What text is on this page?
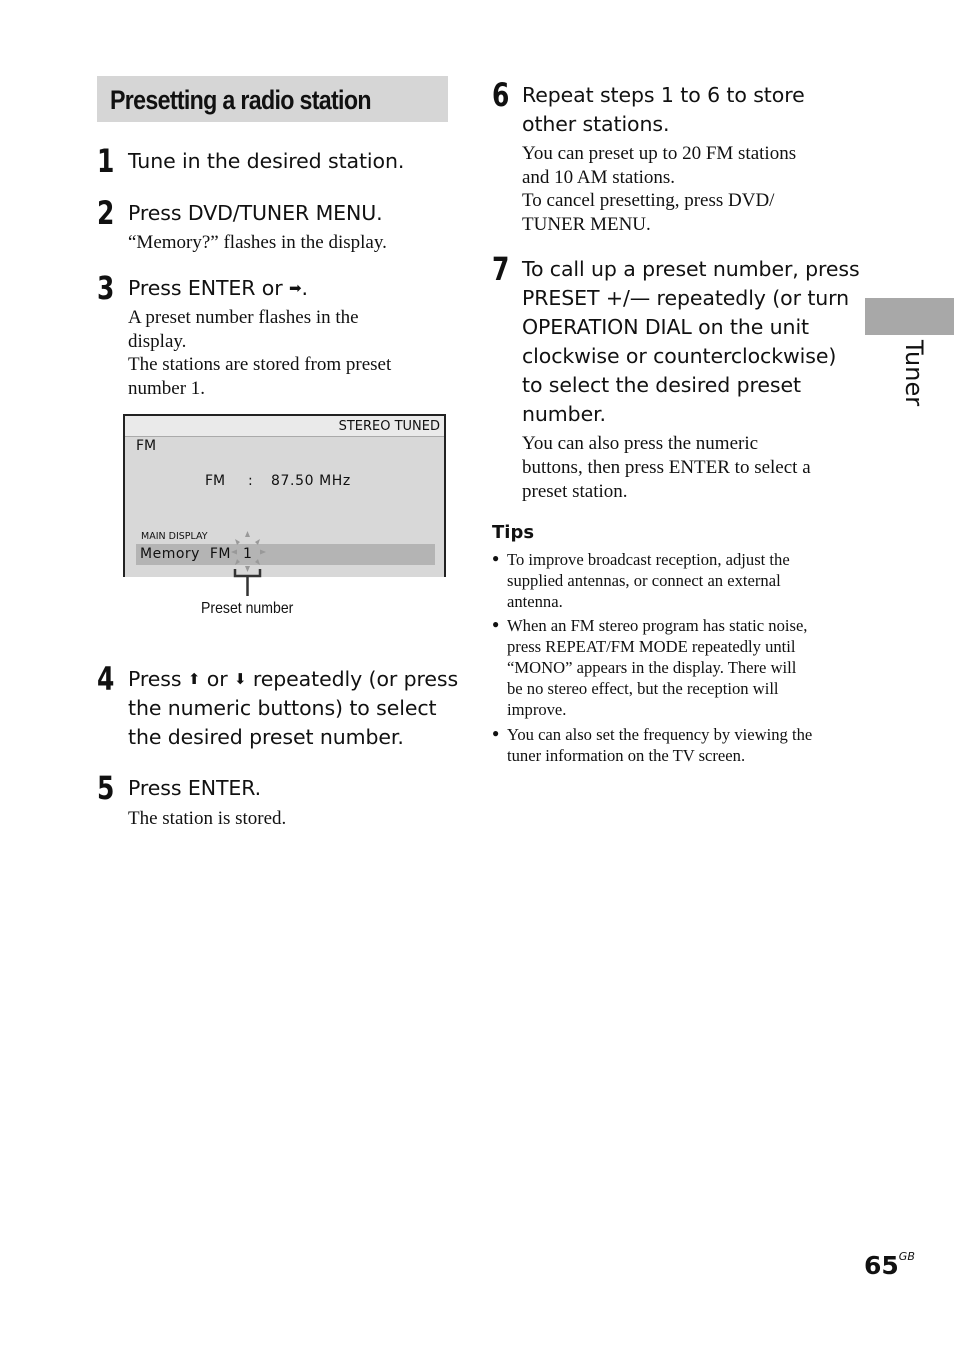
Presetting a radio station
1 Tune in the desired station.
2 Press DVD/TUNER MENU.
“Memory?” flashes in the display.
3 Press ENTER or ➡.
A preset number flashes in the
display.
The stations are stored from preset
number 1.
STEREO TUNED
FM
FM : 87.50 MHz
MAIN DISPLAY
Memory  FM 1
Preset number
4 Press ⬆ or ⬇ repeatedly (or press
the numeric buttons) to select
the desired preset number.
5 Press ENTER.
The station is stored.
6 Repeat steps 1 to 6 to store
other stations.
You can preset up to 20 FM stations
and 10 AM stations.
To cancel presetting, press DVD/
TUNER MENU.
7 To call up a preset number, press
PRESET +/— repeatedly (or turn
OPERATION DIAL on the unit
clockwise or counterclockwise)
to select the desired preset
number.
You can also press the numeric
buttons, then press ENTER to select a
preset station.
Tips
● To improve broadcast reception, adjust the
supplied antennas, or connect an external
antenna.
● When an FM stereo program has static noise,
press REPEAT/FM MODE repeatedly until
“MONO” appears in the display. There will
be no stereo effect, but the reception will
improve.
● You can also set the frequency by viewing the
tuner information on the TV screen.
Tuner
$65^{GB}$
